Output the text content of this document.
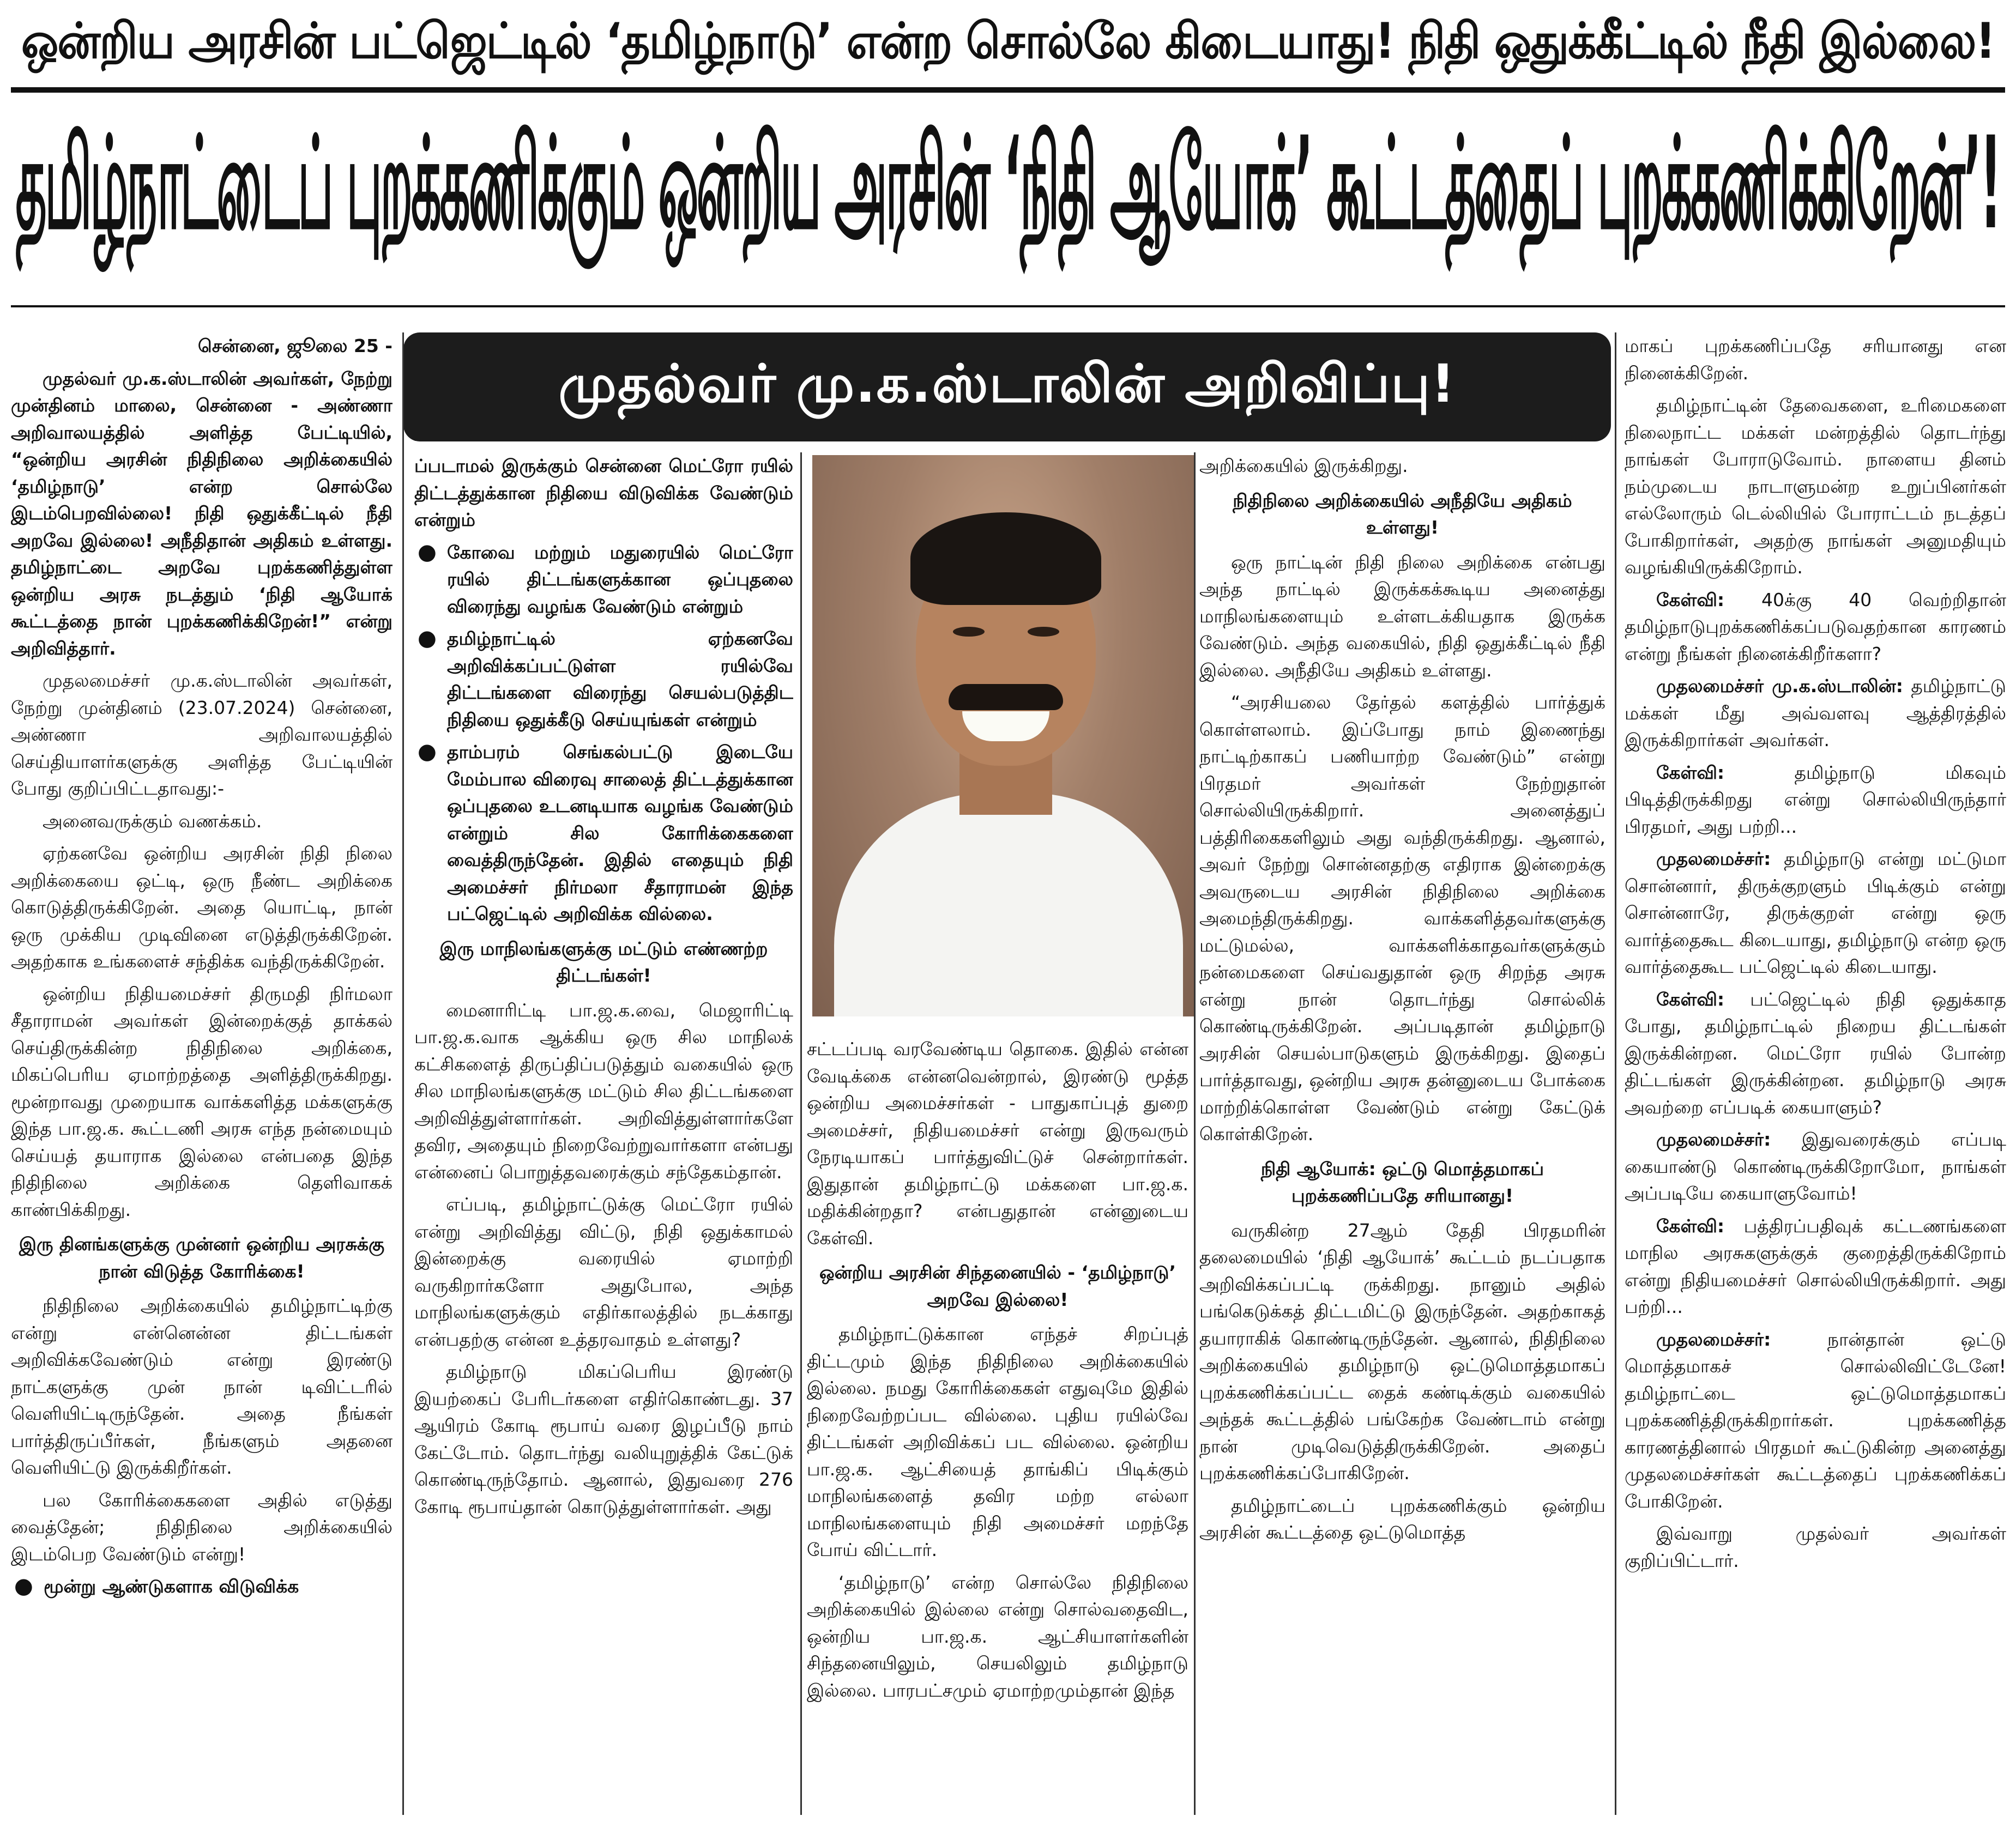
ஒன்றிய அரசின் பட்ஜெட்டில் ‘தமிழ்நாடு’ என்ற சொல்லே கிடையாது! நிதி ஒதுக்கீட்டில் நீதி இல்லை!
தமிழ்நாட்டைப் புறக்கணிக்கும் ஒன்றிய அரசின் ‘நிதி ஆயோக்’ கூட்டத்தைப் புறக்கணிக்கிறேன்’!
முதல்வர் மு.க.ஸ்டாலின் அறிவிப்பு!

சென்னை, ஜூலை 25 -

முதல்வர் மு.க.ஸ்டாலின் அவர்கள், நேற்று முன்தினம் மாலை, சென்னை - அண்ணா அறிவாலயத்தில் அளித்த பேட்டியில், “ஒன்றிய அரசின் நிதிநிலை அறிக்கையில் ‘தமிழ்நாடு’ என்ற சொல்லே இடம்பெறவில்லை! நிதி ஒதுக்கீட்டில் நீதி அறவே இல்லை! அநீதிதான் அதிகம் உள்ளது. தமிழ்நாட்டை அறவே புறக்கணித்துள்ள ஒன்றிய அரசு நடத்தும் ‘நிதி ஆயோக் கூட்டத்தை நான் புறக்கணிக்கிறேன்!” என்று அறிவித்தார்.

முதலமைச்சர் மு.க.ஸ்டாலின் அவர்கள், நேற்று முன்தினம் (23.07.2024) சென்னை, அண்ணா அறிவாலயத்தில் செய்தியாளர்களுக்கு அளித்த பேட்டியின் போது குறிப்பிட்டதாவது:-

அனைவருக்கும் வணக்கம்.

ஏற்கனவே ஒன்றிய அரசின் நிதி நிலை அறிக்கையை ஒட்டி, ஒரு நீண்ட அறிக்கை கொடுத்திருக்கிறேன். அதை யொட்டி, நான் ஒரு முக்கிய முடிவினை எடுத்திருக்கிறேன். அதற்காக உங்களைச் சந்திக்க வந்திருக்கிறேன்.

ஒன்றிய நிதியமைச்சர் திருமதி நிர்மலா சீதாராமன் அவர்கள் இன்றைக்குத் தாக்கல் செய்திருக்கின்ற நிதிநிலை அறிக்கை, மிகப்பெரிய ஏமாற்றத்தை அளித்திருக்கிறது. மூன்றாவது முறையாக வாக்களித்த மக்களுக்கு இந்த பா.ஜ.க. கூட்டணி அரசு எந்த நன்மையும் செய்யத் தயாராக இல்லை என்பதை இந்த நிதிநிலை அறிக்கை தெளிவாகக் காண்பிக்கிறது.

இரு தினங்களுக்கு முன்னர் ஒன்றிய அரசுக்கு நான் விடுத்த கோரிக்கை!

நிதிநிலை அறிக்கையில் தமிழ்நாட்டிற்கு என்று என்னென்ன திட்டங்கள் அறிவிக்கவேண்டும் என்று இரண்டு நாட்களுக்கு முன் நான் டிவிட்டரில் வெளியிட்டிருந்தேன். அதை நீங்கள் பார்த்திருப்பீர்கள், நீங்களும் அதனை வெளியிட்டு இருக்கிறீர்கள்.

பல கோரிக்கைகளை அதில் எடுத்து வைத்தேன்; நிதிநிலை அறிக்கையில் இடம்பெற வேண்டும் என்று!

● மூன்று ஆண்டுகளாக விடுவிக்க

ப்படாமல் இருக்கும் சென்னை மெட்ரோ ரயில் திட்டத்துக்கான நிதியை விடுவிக்க வேண்டும் என்றும்

● கோவை மற்றும் மதுரையில் மெட்ரோ ரயில் திட்டங்களுக்கான ஒப்புதலை விரைந்து வழங்க வேண்டும் என்றும்

● தமிழ்நாட்டில் ஏற்கனவே அறிவிக்கப்பட்டுள்ள ரயில்வே திட்டங்களை விரைந்து செயல்படுத்திட நிதியை ஒதுக்கீடு செய்யுங்கள் என்றும்

● தாம்பரம் செங்கல்பட்டு இடையே மேம்பால விரைவு சாலைத் திட்டத்துக்கான ஒப்புதலை உடனடியாக வழங்க வேண்டும் என்றும் சில கோரிக்கைகளை வைத்திருந்தேன். இதில் எதையும் நிதி அமைச்சர் நிர்மலா சீதாராமன் இந்த பட்ஜெட்டில் அறிவிக்க வில்லை.

இரு மாநிலங்களுக்கு மட்டும் எண்ணற்ற திட்டங்கள்!

மைனாரிட்டி பா.ஜ.க.வை, மெஜாரிட்டி பா.ஜ.க.வாக ஆக்கிய ஒரு சில மாநிலக் கட்சிகளைத் திருப்திப்படுத்தும் வகையில் ஒரு சில மாநிலங்களுக்கு மட்டும் சில திட்டங்களை அறிவித்துள்ளார்கள். அறிவித்துள்ளார்களே தவிர, அதையும் நிறைவேற்றுவார்களா என்பது என்னைப் பொறுத்தவரைக்கும் சந்தேகம்தான்.

எப்படி, தமிழ்நாட்டுக்கு மெட்ரோ ரயில் என்று அறிவித்து விட்டு, நிதி ஒதுக்காமல் இன்றைக்கு வரையில் ஏமாற்றி வருகிறார்களோ அதுபோல, அந்த மாநிலங்களுக்கும் எதிர்காலத்தில் நடக்காது என்பதற்கு என்ன உத்தரவாதம் உள்ளது?

தமிழ்நாடு மிகப்பெரிய இரண்டு இயற்கைப் பேரிடர்களை எதிர்கொண்டது. 37 ஆயிரம் கோடி ரூபாய் வரை இழப்பீடு நாம் கேட்டோம். தொடர்ந்து வலியுறுத்திக் கேட்டுக் கொண்டிருந்தோம். ஆனால், இதுவரை 276 கோடி ரூபாய்தான் கொடுத்துள்ளார்கள். அது

சட்டப்படி வரவேண்டிய தொகை. இதில் என்ன வேடிக்கை என்னவென்றால், இரண்டு மூத்த ஒன்றிய அமைச்சர்கள் - பாதுகாப்புத் துறை அமைச்சர், நிதியமைச்சர் என்று இருவரும் நேரடியாகப் பார்த்துவிட்டுச் சென்றார்கள். இதுதான் தமிழ்நாட்டு மக்களை பா.ஜ.க. மதிக்கின்றதா? என்பதுதான் என்னுடைய கேள்வி.

ஒன்றிய அரசின் சிந்தனையில் - ‘தமிழ்நாடு’ அறவே இல்லை!

தமிழ்நாட்டுக்கான எந்தச் சிறப்புத் திட்டமும் இந்த நிதிநிலை அறிக்கையில் இல்லை. நமது கோரிக்கைகள் எதுவுமே இதில் நிறைவேற்றப்பட வில்லை. புதிய ரயில்வே திட்டங்கள் அறிவிக்கப் பட வில்லை. ஒன்றிய பா.ஜ.க. ஆட்சியைத் தாங்கிப் பிடிக்கும் மாநிலங்களைத் தவிர மற்ற எல்லா மாநிலங்களையும் நிதி அமைச்சர் மறந்தே போய் விட்டார்.

‘தமிழ்நாடு’ என்ற சொல்லே நிதிநிலை அறிக்கையில் இல்லை என்று சொல்வதைவிட, ஒன்றிய பா.ஜ.க. ஆட்சியாளர்களின் சிந்தனையிலும், செயலிலும் தமிழ்நாடு இல்லை. பாரபட்சமும் ஏமாற்றமும்தான் இந்த

அறிக்கையில் இருக்கிறது.

நிதிநிலை அறிக்கையில் அநீதியே அதிகம் உள்ளது!

ஒரு நாட்டின் நிதி நிலை அறிக்கை என்பது அந்த நாட்டில் இருக்கக்கூடிய அனைத்து மாநிலங்களையும் உள்ளடக்கியதாக இருக்க வேண்டும். அந்த வகையில், நிதி ஒதுக்கீட்டில் நீதி இல்லை. அநீதியே அதிகம் உள்ளது.

“அரசியலை தேர்தல் களத்தில் பார்த்துக் கொள்ளலாம். இப்போது நாம் இணைந்து நாட்டிற்காகப் பணியாற்ற வேண்டும்” என்று பிரதமர் அவர்கள் நேற்றுதான் சொல்லியிருக்கிறார். அனைத்துப் பத்திரிகைகளிலும் அது வந்திருக்கிறது. ஆனால், அவர் நேற்று சொன்னதற்கு எதிராக இன்றைக்கு அவருடைய அரசின் நிதிநிலை அறிக்கை அமைந்திருக்கிறது. வாக்களித்தவர்களுக்கு மட்டுமல்ல, வாக்களிக்காதவர்களுக்கும் நன்மைகளை செய்வதுதான் ஒரு சிறந்த அரசு என்று நான் தொடர்ந்து சொல்லிக் கொண்டிருக்கிறேன். அப்படிதான் தமிழ்நாடு அரசின் செயல்பாடுகளும் இருக்கிறது. இதைப் பார்த்தாவது, ஒன்றிய அரசு தன்னுடைய போக்கை மாற்றிக்கொள்ள வேண்டும் என்று கேட்டுக் கொள்கிறேன்.

நிதி ஆயோக்: ஒட்டு மொத்தமாகப் புறக்கணிப்பதே சரியானது!

வருகின்ற 27ஆம் தேதி பிரதமரின் தலைமையில் ‘நிதி ஆயோக்’ கூட்டம் நடப்பதாக அறிவிக்கப்பட்டி ருக்கிறது. நானும் அதில் பங்கெடுக்கத் திட்டமிட்டு இருந்தேன். அதற்காகத் தயாராகிக் கொண்டிருந்தேன். ஆனால், நிதிநிலை அறிக்கையில் தமிழ்நாடு ஒட்டுமொத்தமாகப் புறக்கணிக்கப்பட்ட தைக் கண்டிக்கும் வகையில் அந்தக் கூட்டத்தில் பங்கேற்க வேண்டாம் என்று நான் முடிவெடுத்திருக்கிறேன். அதைப் புறக்கணிக்கப்போகிறேன்.

தமிழ்நாட்டைப் புறக்கணிக்கும் ஒன்றிய அரசின் கூட்டத்தை ஒட்டுமொத்த

மாகப் புறக்கணிப்பதே சரியானது என நினைக்கிறேன்.

தமிழ்நாட்டின் தேவைகளை, உரிமைகளை நிலைநாட்ட மக்கள் மன்றத்தில் தொடர்ந்து நாங்கள் போராடுவோம். நாளைய தினம் நம்முடைய நாடாளுமன்ற உறுப்பினர்கள் எல்லோரும் டெல்லியில் போராட்டம் நடத்தப் போகிறார்கள், அதற்கு நாங்கள் அனுமதியும் வழங்கியிருக்கிறோம்.

கேள்வி: 40க்கு 40 வெற்றிதான் தமிழ்நாடுபுறக்கணிக்கப்படுவதற்கான காரணம் என்று நீங்கள் நினைக்கிறீர்களா?

முதலமைச்சர் மு.க.ஸ்டாலின்: தமிழ்நாட்டு மக்கள் மீது அவ்வளவு ஆத்திரத்தில் இருக்கிறார்கள் அவர்கள்.

கேள்வி:	தமிழ்நாடு மிகவும் பிடித்திருக்கிறது என்று சொல்லியிருந்தார் பிரதமர், அது பற்றி...

முதலமைச்சர்: தமிழ்நாடு என்று மட்டுமா சொன்னார், திருக்குறளும் பிடிக்கும் என்று சொன்னாரே, திருக்குறள் என்று ஒரு வார்த்தைகூட கிடையாது, தமிழ்நாடு என்ற ஒரு வார்த்தைகூட பட்ஜெட்டில் கிடையாது.

கேள்வி: பட்ஜெட்டில் நிதி ஒதுக்காத போது, தமிழ்நாட்டில் நிறைய திட்டங்கள் இருக்கின்றன. மெட்ரோ ரயில் போன்ற திட்டங்கள் இருக்கின்றன. தமிழ்நாடு அரசு அவற்றை எப்படிக் கையாளும்?

முதலமைச்சர்: இதுவரைக்கும் எப்படி கையாண்டு கொண்டிருக்கிறோமோ, நாங்கள் அப்படியே கையாளுவோம்!

கேள்வி: பத்திரப்பதிவுக் கட்டணங்களை மாநில அரசுகளுக்குக் குறைத்திருக்கிறோம் என்று நிதியமைச்சர் சொல்லியிருக்கிறார். அது பற்றி...

முதலமைச்சர்:	நான்தான் ஒட்டு மொத்தமாகச் சொல்லிவிட்டேனே! தமிழ்நாட்டை ஒட்டுமொத்தமாகப் புறக்கணித்திருக்கிறார்கள். புறக்கணித்த காரணத்தினால் பிரதமர் கூட்டுகின்ற அனைத்து முதலமைச்சர்கள் கூட்டத்தைப் புறக்கணிக்கப் போகிறேன்.

இவ்வாறு முதல்வர் அவர்கள் குறிப்பிட்டார்.
